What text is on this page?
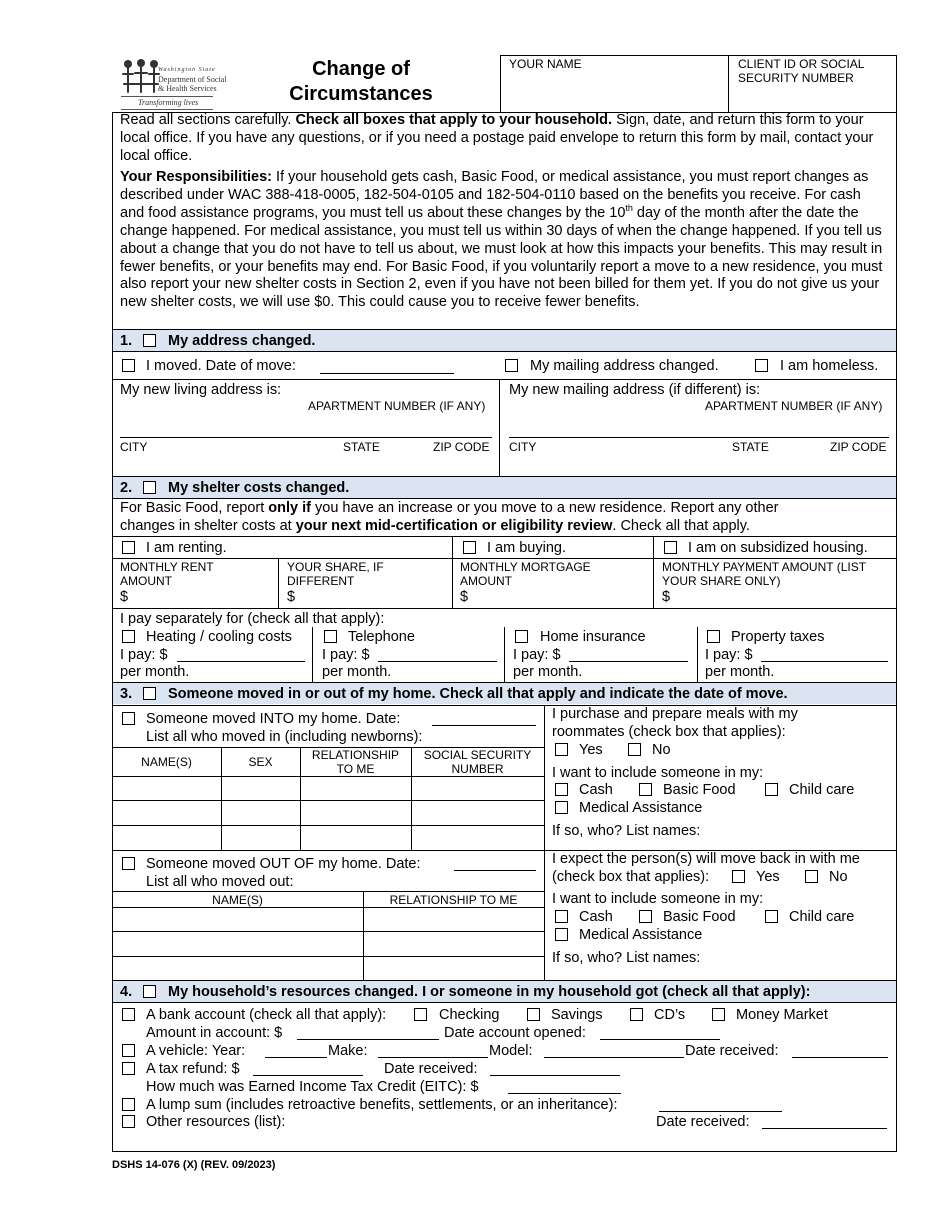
Washington State
Department of Social
& Health Services
Transforming lives
Change of
Circumstances
YOUR NAME	CLIENT ID OR SOCIAL
SECURITY NUMBER
Read all sections carefully. Check all boxes that apply to your household. Sign, date, and return this form to your local office. If you have any questions, or if you need a postage paid envelope to return this form by mail, contact your local office.
Your Responsibilities: If your household gets cash, Basic Food, or medical assistance, you must report changes as described under WAC 388-418-0005, 182-504-0105 and 182-504-0110 based on the benefits you receive. For cash and food assistance programs, you must tell us about these changes by the 10th day of the month after the date the change happened. For medical assistance, you must tell us within 30 days of when the change happened. If you tell us about a change that you do not have to tell us about, we must look at how this impacts your benefits. This may result in fewer benefits, or your benefits may end. For Basic Food, if you voluntarily report a move to a new residence, you must also report your new shelter costs in Section 2, even if you have not been billed for them yet. If you do not give us your new shelter costs, we will use $0. This could cause you to receive fewer benefits.
1. My address changed.
I moved. Date of move:	My mailing address changed.	I am homeless.
My new living address is:
APARTMENT NUMBER (IF ANY)
CITY	STATE	ZIP CODE
My new mailing address (if different) is:
APARTMENT NUMBER (IF ANY)
CITY	STATE	ZIP CODE
2. My shelter costs changed.
For Basic Food, report only if you have an increase or you move to a new residence. Report any other
changes in shelter costs at your next mid-certification or eligibility review. Check all that apply.
I am renting.	I am buying.	I am on subsidized housing.
MONTHLY RENT
AMOUNT
$
YOUR SHARE, IF
DIFFERENT
$
MONTHLY MORTGAGE
AMOUNT
$
MONTHLY PAYMENT AMOUNT (LIST
YOUR SHARE ONLY)
$
I pay separately for (check all that apply):
Heating / cooling costs
I pay: $
per month.
Telephone
I pay: $
per month.
Home insurance
I pay: $
per month.
Property taxes
I pay: $
per month.
3. Someone moved in or out of my home. Check all that apply and indicate the date of move.
Someone moved INTO my home. Date:
List all who moved in (including newborns):
NAME(S)	SEX	RELATIONSHIP
TO ME
SOCIAL SECURITY
NUMBER
I purchase and prepare meals with my
roommates (check box that applies):
Yes	No
I want to include someone in my:
Cash	Basic Food	Child care
Medical Assistance
If so, who? List names:
Someone moved OUT OF my home. Date:
List all who moved out:
NAME(S)	RELATIONSHIP TO ME
I expect the person(s) will move back in with me
(check box that applies):	Yes	No
I want to include someone in my:
Cash	Basic Food	Child care
Medical Assistance
If so, who? List names:
4. My household’s resources changed. I or someone in my household got (check all that apply):
A bank account (check all that apply):	Checking	Savings	CD’s	Money Market
Amount in account: $	Date account opened:
A vehicle: Year:	Make:	Model:	Date received:
A tax refund: $	Date received:
How much was Earned Income Tax Credit (EITC): $
A lump sum (includes retroactive benefits, settlements, or an inheritance):
Other resources (list):	Date received:
DSHS 14-076 (X) (REV. 09/2023)
